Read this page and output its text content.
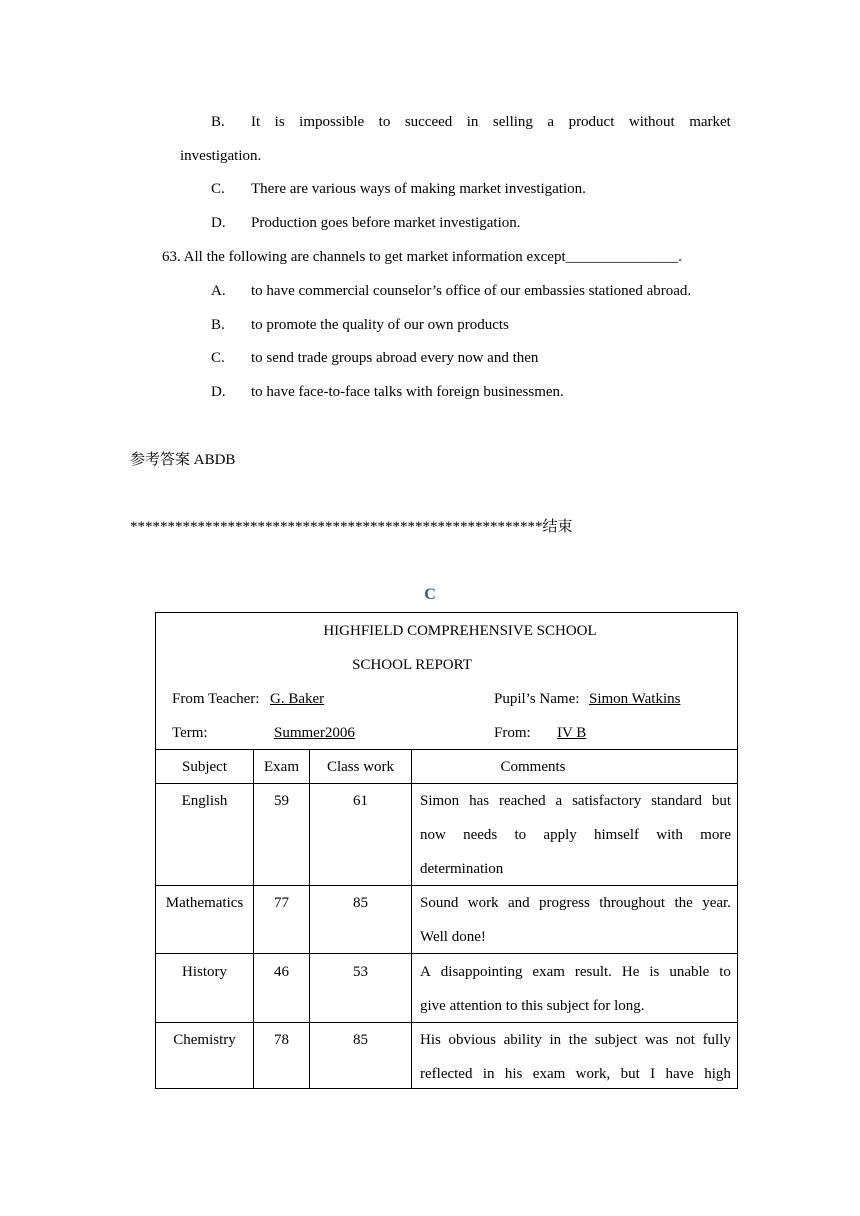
B. It is impossible to succeed in selling a product without market
investigation.
C. There are various ways of making market investigation.
D. Production goes before market investigation.
63. All the following are channels to get market information except_______________.
A. to have commercial counselor’s office of our embassies stationed abroad.
B. to promote the quality of our own products
C. to send trade groups abroad every now and then
D. to have face-to-face talks with foreign businessmen.
参考答案 ABDB
*******************************************************结束
C
HIGHFIELD COMPREHENSIVE SCHOOL
SCHOOL REPORT
From Teacher: G. Baker	Pupil’s Name: Simon Watkins
Term:	Summer2006	From: IV B
Subject	Exam	Class work	Comments
English	59	61	Simon has reached a satisfactory standard but
now needs to apply himself with more
determination
Mathematics	77	85	Sound work and progress throughout the year.
Well done!
History	46	53	A disappointing exam result. He is unable to
give attention to this subject for long.
Chemistry	78	85	His obvious ability in the subject was not fully
reflected in his exam work, but I have high
